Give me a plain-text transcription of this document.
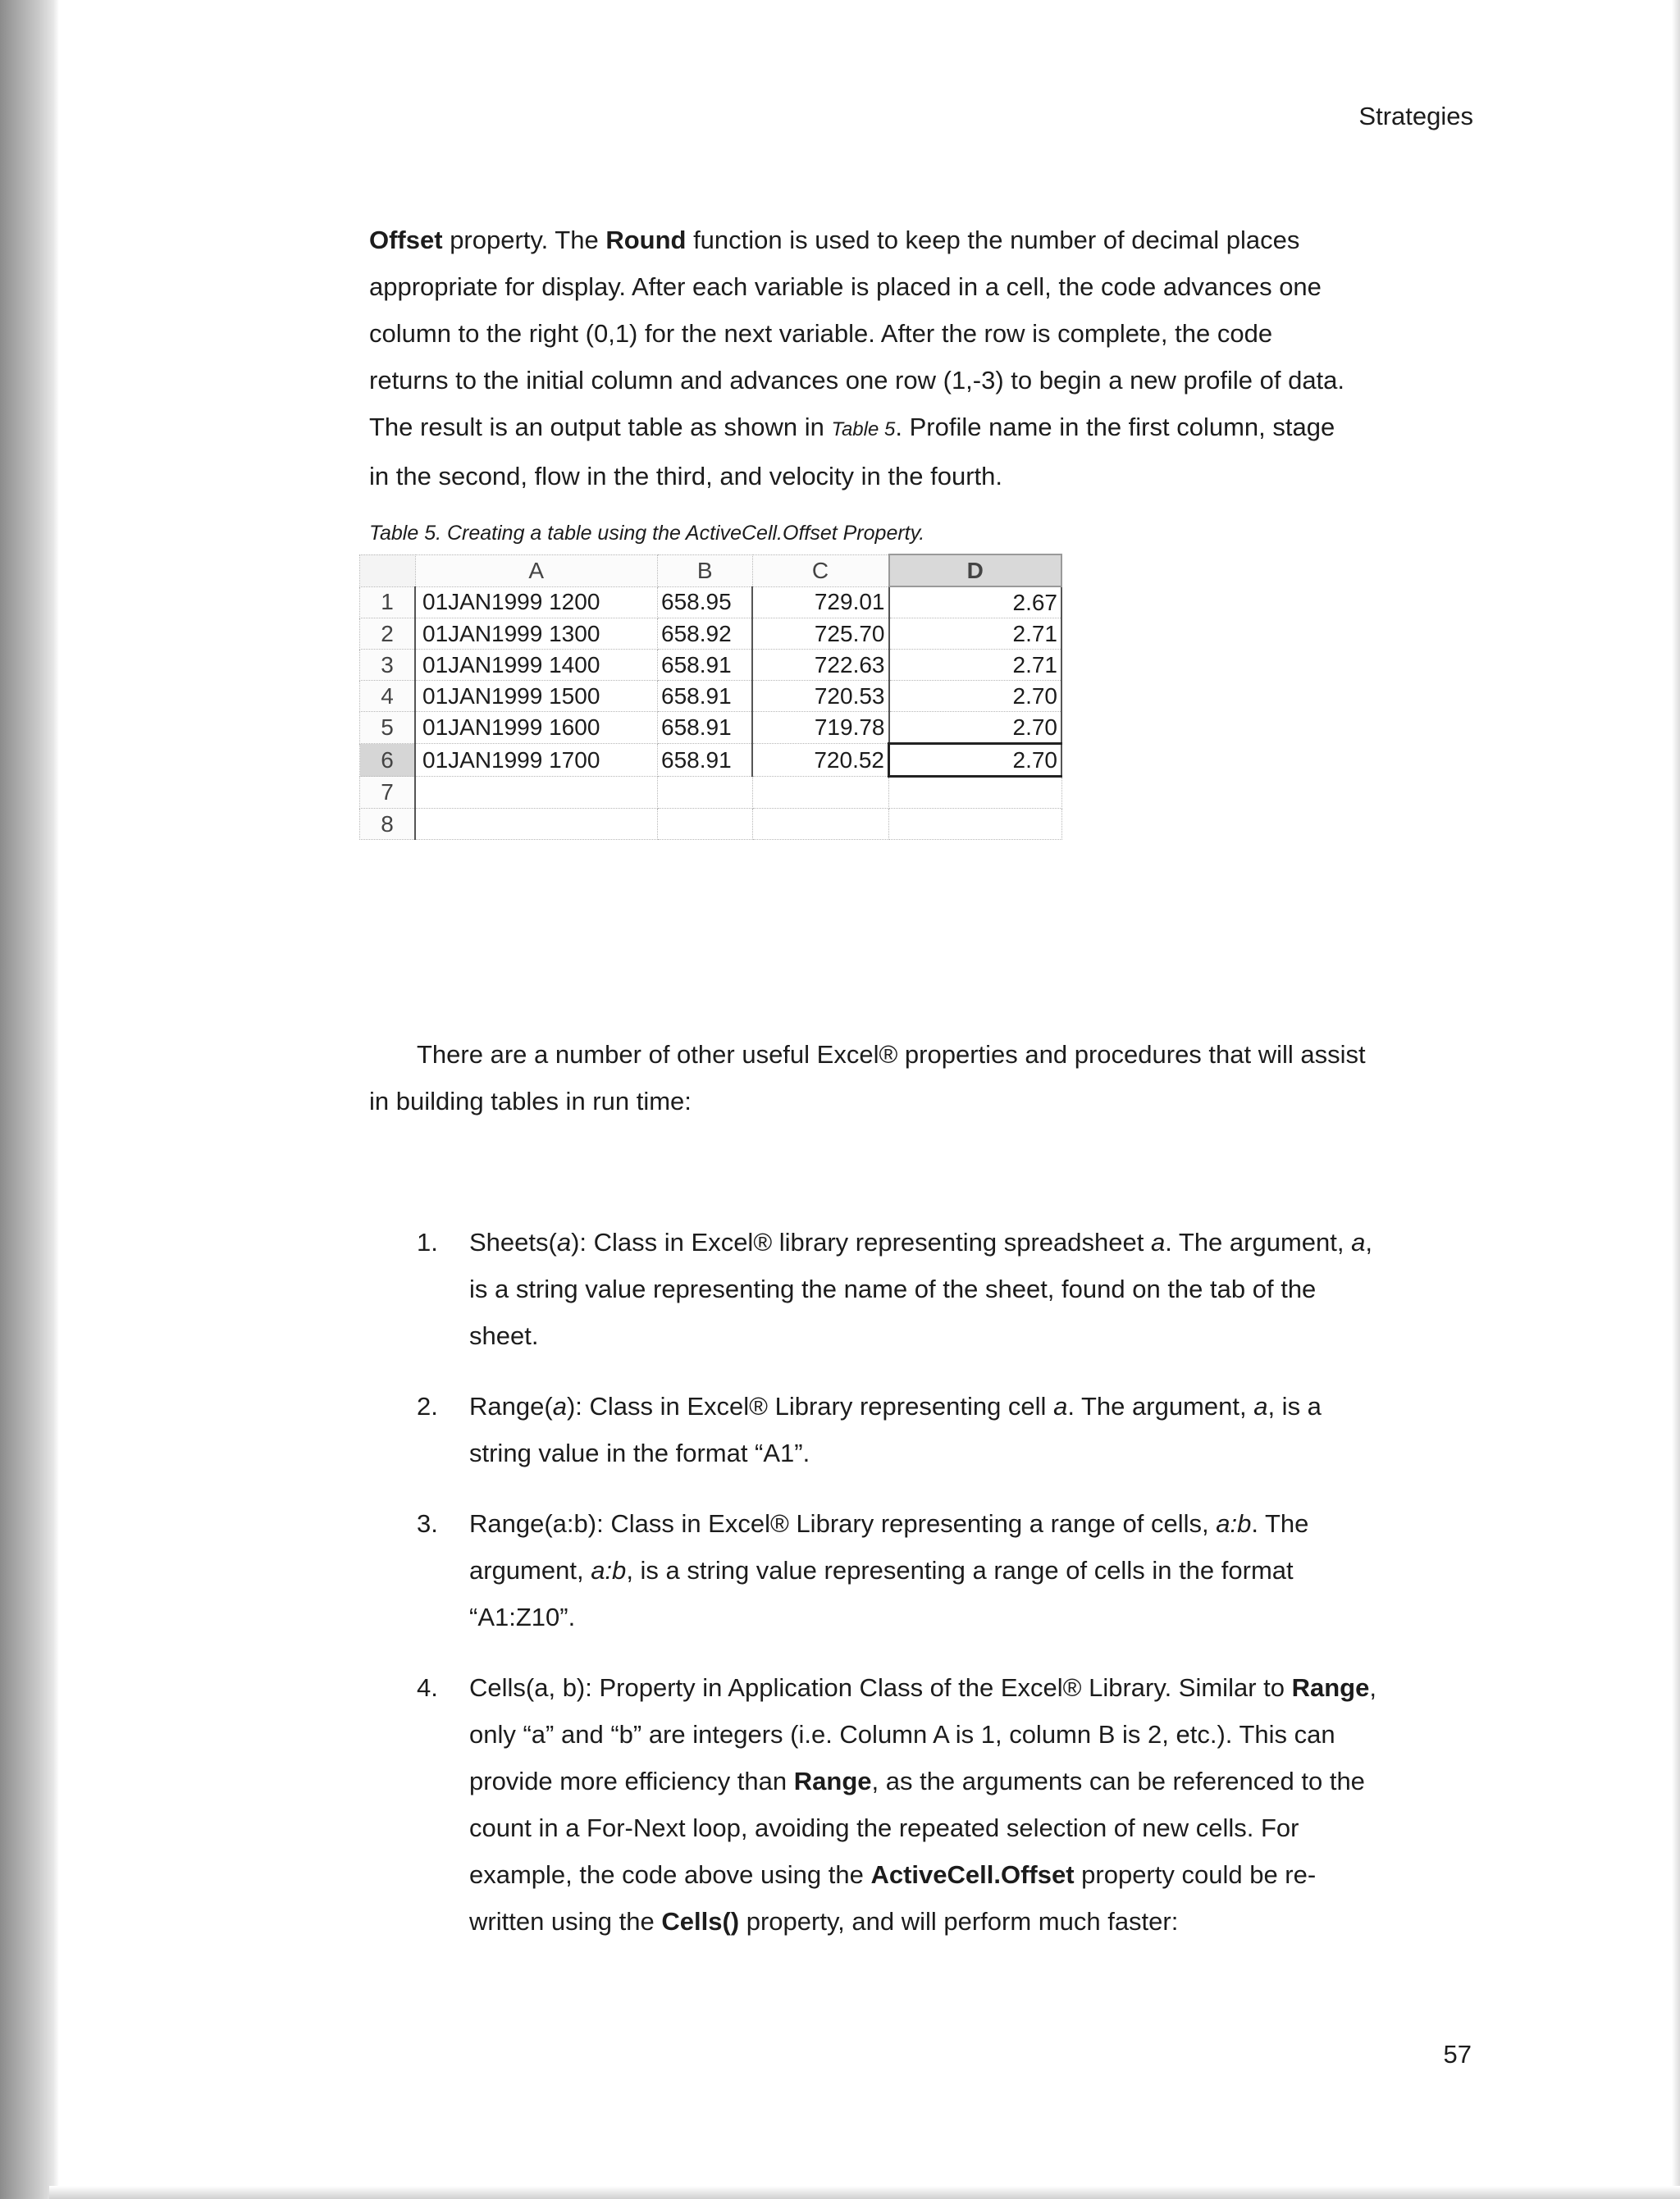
Strategies

Offset property. The Round function is used to keep the number of decimal places

appropriate for display. After each variable is placed in a cell, the code advances one

column to the right (0,1) for the next variable. After the row is complete, the code

returns to the initial column and advances one row (1,-3) to begin a new profile of data.

The result is an output table as shown in Table 5. Profile name in the first column, stage

in the second, flow in the third, and velocity in the fourth.

Table 5. Creating a table using the ActiveCell.Offset Property.
	A	B	C	D
1	01JAN1999 1200	658.95	729.01	2.67
2	01JAN1999 1300	658.92	725.70	2.71
3	01JAN1999 1400	658.91	722.63	2.71
4	01JAN1999 1500	658.91	720.53	2.70
5	01JAN1999 1600	658.91	719.78	2.70
6	01JAN1999 1700	658.91	720.52	2.70
7				
8				

There are a number of other useful Excel® properties and procedures that will assist

in building tables in run time:

1. Sheets(a): Class in Excel® library representing spreadsheet a. The argument, a,
is a string value representing the name of the sheet, found on the tab of the
sheet.
2. Range(a): Class in Excel® Library representing cell a. The argument, a, is a
string value in the format “A1”.
3. Range(a:b): Class in Excel® Library representing a range of cells, a:b. The
argument, a:b, is a string value representing a range of cells in the format
“A1:Z10”.
4. Cells(a, b): Property in Application Class of the Excel® Library. Similar to Range,
only “a” and “b” are integers (i.e. Column A is 1, column B is 2, etc.). This can
provide more efficiency than Range, as the arguments can be referenced to the
count in a For-Next loop, avoiding the repeated selection of new cells. For
example, the code above using the ActiveCell.Offset property could be re-
written using the Cells() property, and will perform much faster:
57
